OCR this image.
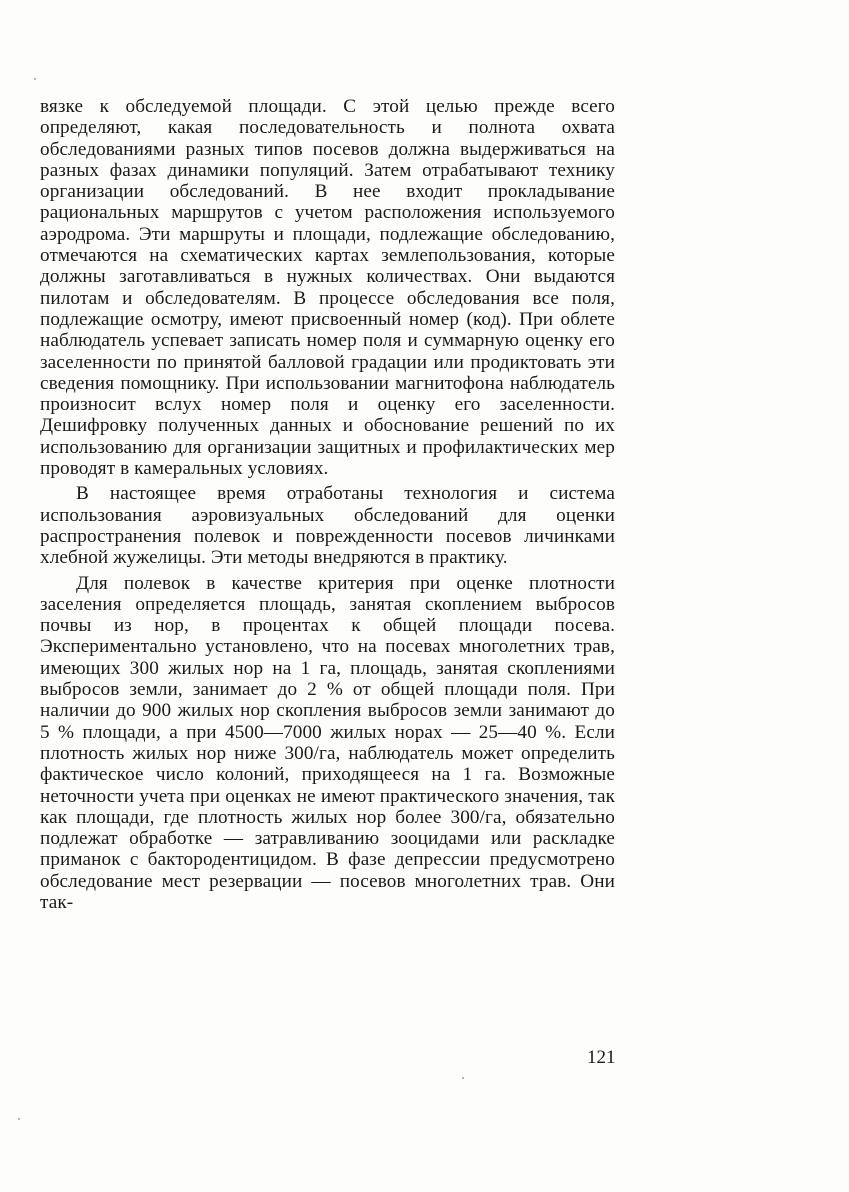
вязке к обследуемой площади. С этой целью прежде всего определяют, какая последовательность и полнота охвата обследованиями разных типов посевов должна выдерживаться на разных фазах динамики популяций. Затем отрабатывают технику организации обследований. В нее входит прокладывание рациональных маршрутов с учетом расположения используемого аэродрома. Эти маршруты и площади, подлежащие обследованию, отмечаются на схематических картах землепользования, которые должны заготавливаться в нужных количествах. Они выдаются пилотам и обследователям. В процессе обследования все поля, подлежащие осмотру, имеют присвоенный номер (код). При облете наблюдатель успевает записать номер поля и суммарную оценку его заселенности по принятой балловой градации или продиктовать эти сведения помощнику. При использовании магнитофона наблюдатель произносит вслух номер поля и оценку его заселенности. Дешифровку полученных данных и обоснование решений по их использованию для организации защитных и профилактических мер проводят в камеральных условиях.

В настоящее время отработаны технология и система использования аэровизуальных обследований для оценки распространения полевок и поврежденности посевов личинками хлебной жужелицы. Эти методы внедряются в практику.

Для полевок в качестве критерия при оценке плотности заселения определяется площадь, занятая скоплением выбросов почвы из нор, в процентах к общей площади посева. Экспериментально установлено, что на посевах многолетних трав, имеющих 300 жилых нор на 1 га, площадь, занятая скоплениями выбросов земли, занимает до 2 % от общей площади поля. При наличии до 900 жилых нор скопления выбросов земли занимают до 5 % площади, а при 4500—7000 жилых норах — 25—40 %. Если плотность жилых нор ниже 300/га, наблюдатель может определить фактическое число колоний, приходящееся на 1 га. Возможные неточности учета при оценках не имеют практического значения, так как площади, где плотность жилых нор более 300/га, обязательно подлежат обработке — затравливанию зооцидами или раскладке приманок с бактородентицидом. В фазе депрессии предусмотрено обследование мест резервации — посевов многолетних трав. Они так-

121
